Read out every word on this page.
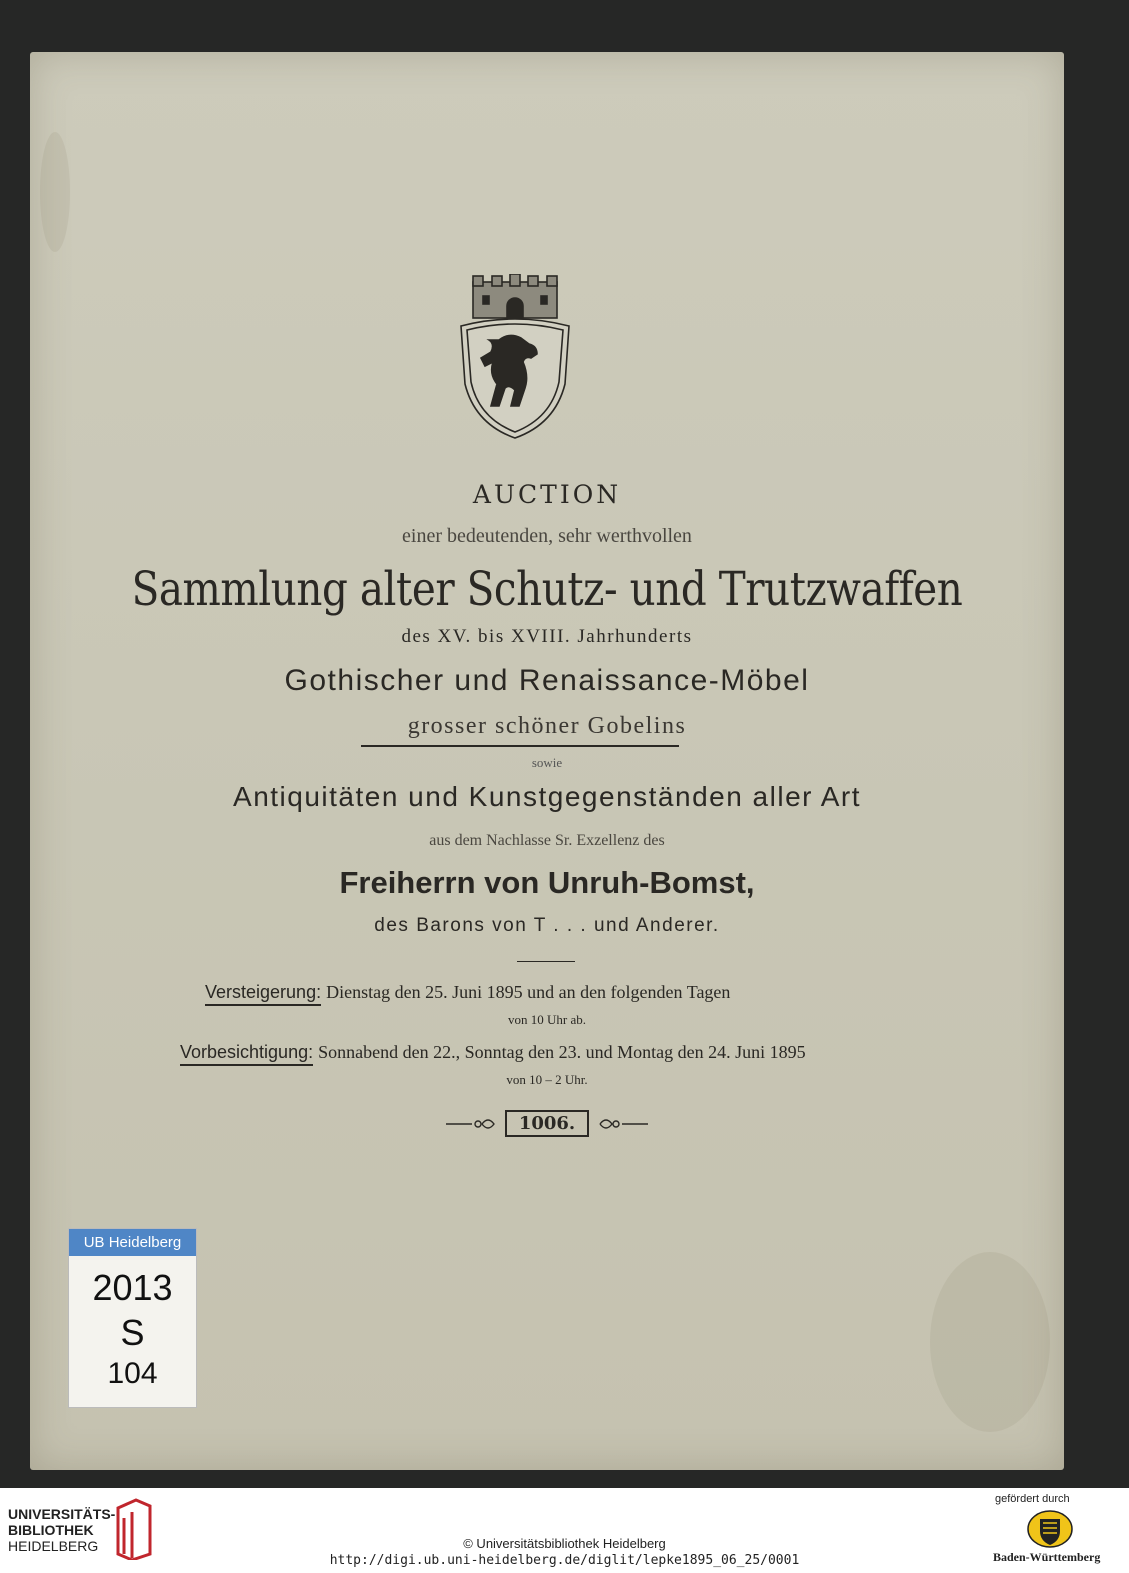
AUCTION
einer bedeutenden, sehr werthvollen
Sammlung alter Schutz- und Trutzwaffen
des XV. bis XVIII. Jahrhunderts
Gothischer und Renaissance-Möbel
grosser schöner Gobelins
sowie
Antiquitäten und Kunstgegenständen aller Art
aus dem Nachlasse Sr. Exzellenz des
Freiherrn von Unruh-Bomst,
des Barons von T . . . und Anderer.
Versteigerung: Dienstag den 25. Juni 1895 und an den folgenden Tagen
von 10 Uhr ab.
Vorbesichtigung: Sonnabend den 22., Sonntag den 23. und Montag den 24. Juni 1895
von 10 – 2 Uhr.
1006.
UB Heidelberg
2013
S
104
UNIVERSITÄTS-
BIBLIOTHEK
HEIDELBERG	© Universitätsbibliothek Heidelberg
http://digi.ub.uni-heidelberg.de/diglit/lepke1895_06_25/0001
gefördert durch
Baden-Württemberg
